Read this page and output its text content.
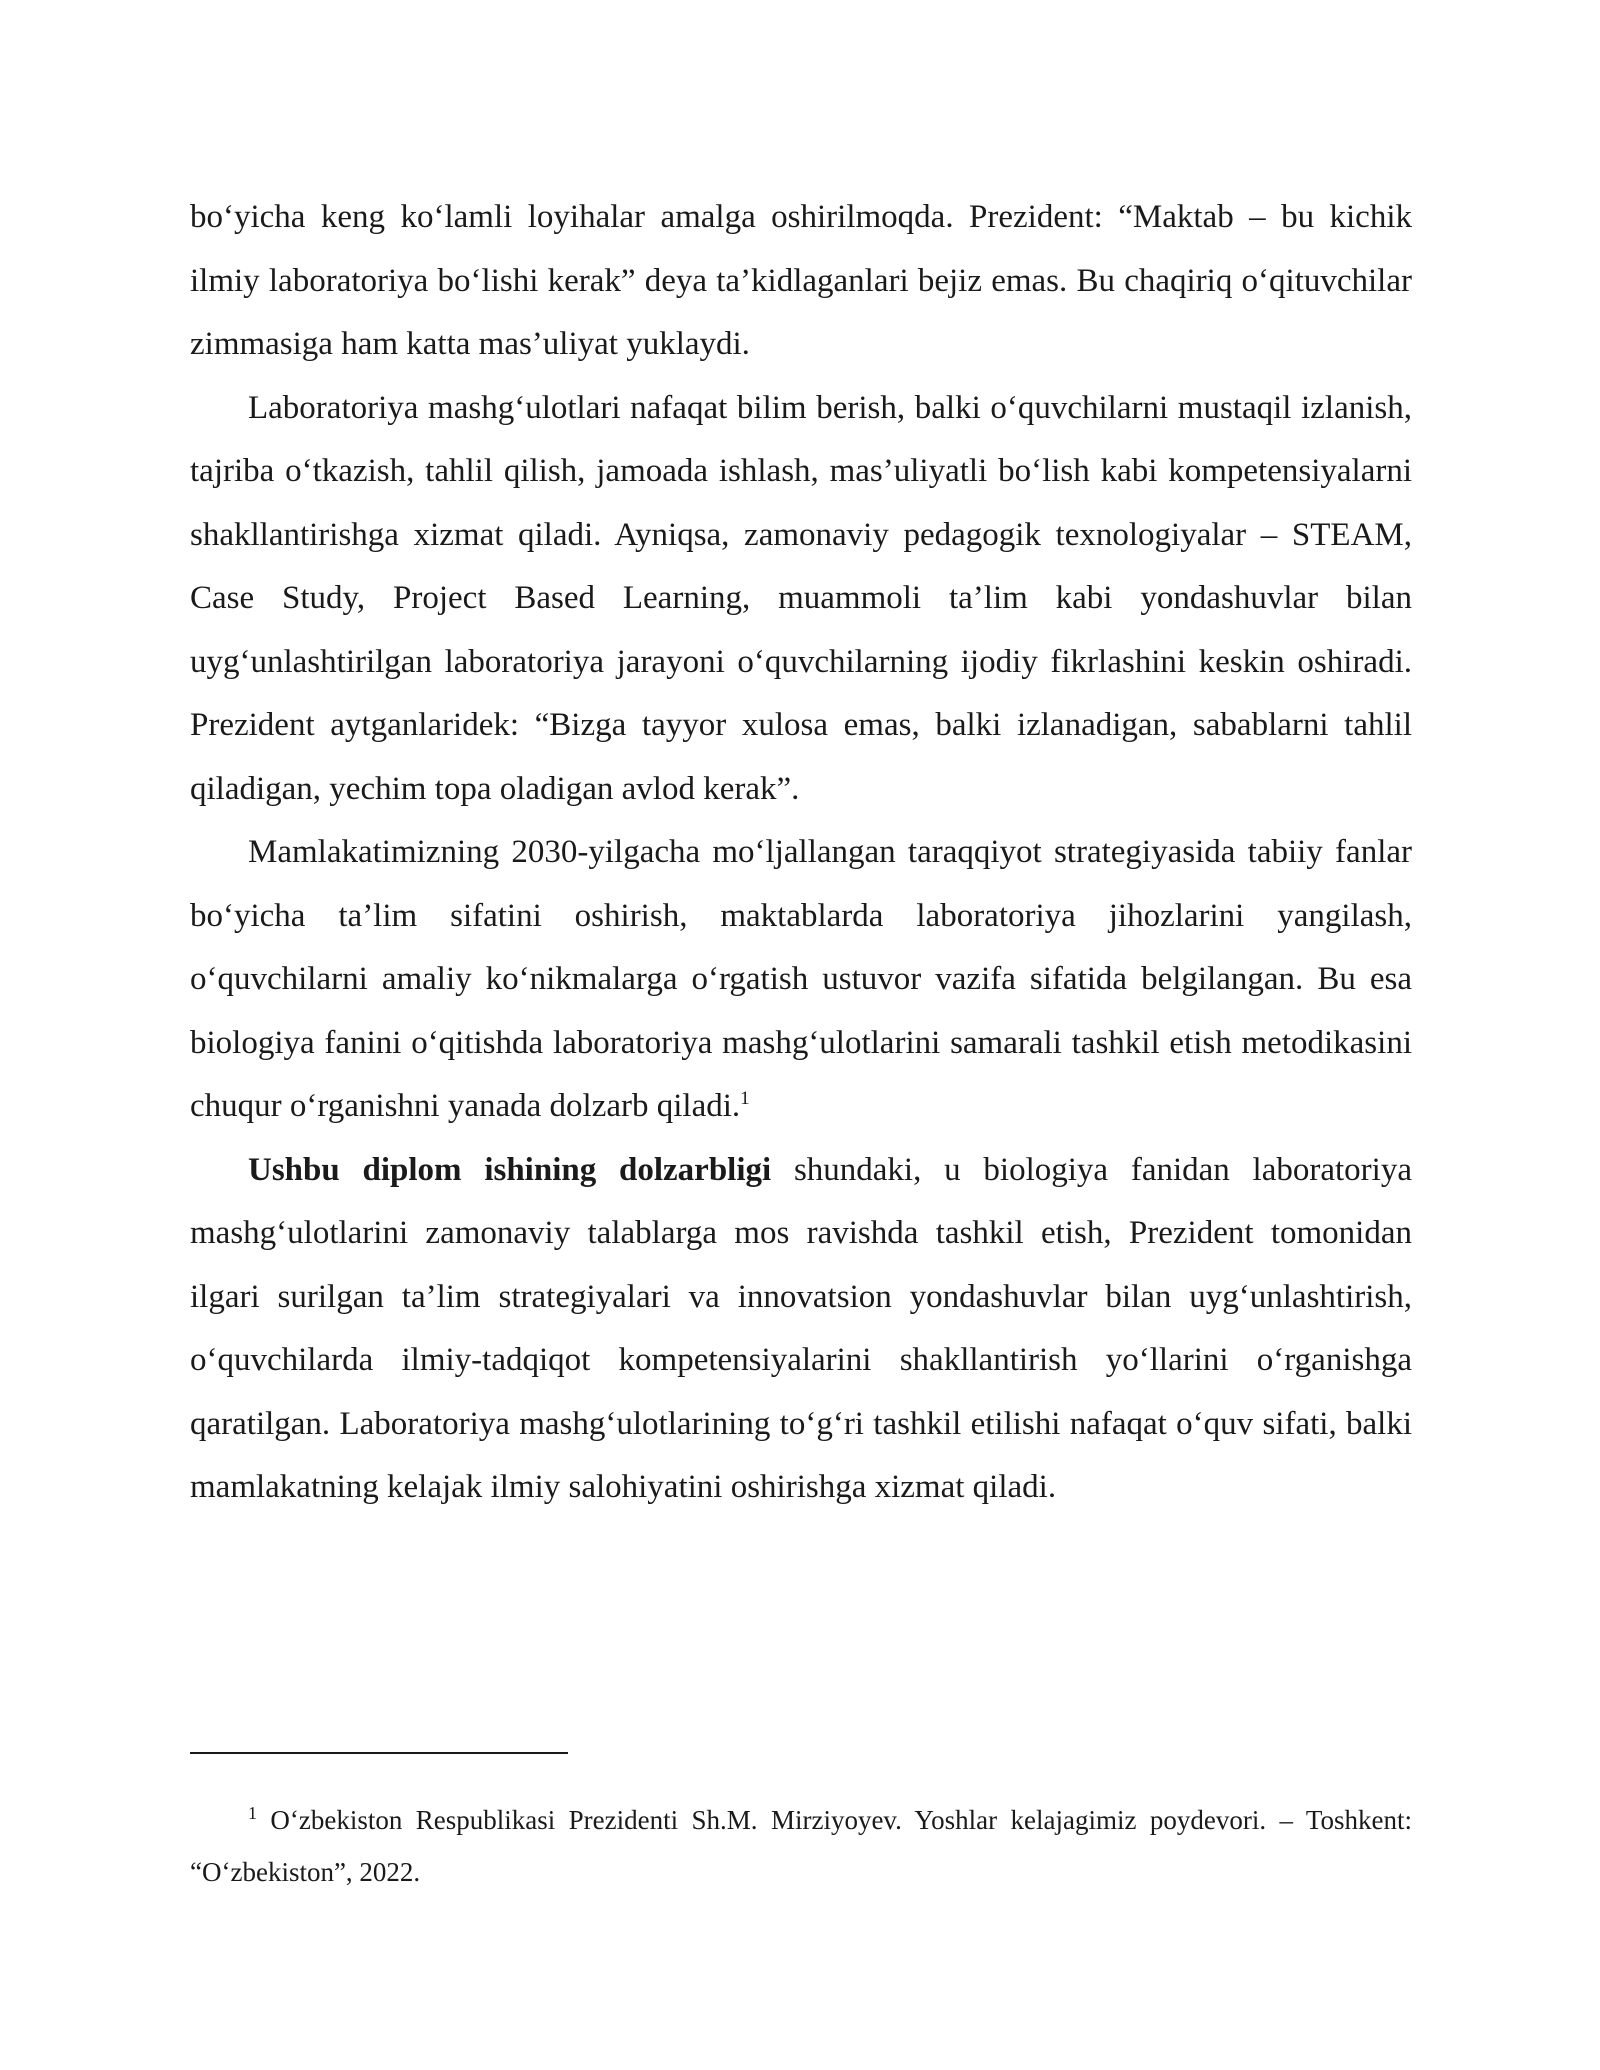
bo‘yicha keng ko‘lamli loyihalar amalga oshirilmoqda. Prezident: “Maktab – bu kichik ilmiy laboratoriya bo‘lishi kerak” deya ta’kidlaganlari bejiz emas. Bu chaqiriq o‘qituvchilar zimmasiga ham katta mas’uliyat yuklaydi.

Laboratoriya mashg‘ulotlari nafaqat bilim berish, balki o‘quvchilarni mustaqil izlanish, tajriba o‘tkazish, tahlil qilish, jamoada ishlash, mas’uliyatli bo‘lish kabi kompetensiyalarni shakllantirishga xizmat qiladi. Ayniqsa, zamonaviy pedagogik texnologiyalar – STEAM, Case Study, Project Based Learning, muammoli ta’lim kabi yondashuvlar bilan uyg‘unlashtirilgan laboratoriya jarayoni o‘quvchilarning ijodiy fikrlashini keskin oshiradi. Prezident aytganlaridek: “Bizga tayyor xulosa emas, balki izlanadigan, sabablarni tahlil qiladigan, yechim topa oladigan avlod kerak”.

Mamlakatimizning 2030-yilgacha mo‘ljallangan taraqqiyot strategiyasida tabiiy fanlar bo‘yicha ta’lim sifatini oshirish, maktablarda laboratoriya jihozlarini yangilash, o‘quvchilarni amaliy ko‘nikmalarga o‘rgatish ustuvor vazifa sifatida belgilangan. Bu esa biologiya fanini o‘qitishda laboratoriya mashg‘ulotlarini samarali tashkil etish metodikasini chuqur o‘rganishni yanada dolzarb qiladi.$^1$

Ushbu diplom ishining dolzarbligi shundaki, u biologiya fanidan laboratoriya mashg‘ulotlarini zamonaviy talablarga mos ravishda tashkil etish, Prezident tomonidan ilgari surilgan ta’lim strategiyalari va innovatsion yondashuvlar bilan uyg‘unlashtirish, o‘quvchilarda ilmiy-tadqiqot kompetensiyalarini shakllantirish yo‘llarini o‘rganishga qaratilgan. Laboratoriya mashg‘ulotlarining to‘g‘ri tashkil etilishi nafaqat o‘quv sifati, balki mamlakatning kelajak ilmiy salohiyatini oshirishga xizmat qiladi.

$^1$ O‘zbekiston Respublikasi Prezidenti Sh.M. Mirziyoyev. Yoshlar kelajagimiz poydevori. – Toshkent: “O‘zbekiston”, 2022.
